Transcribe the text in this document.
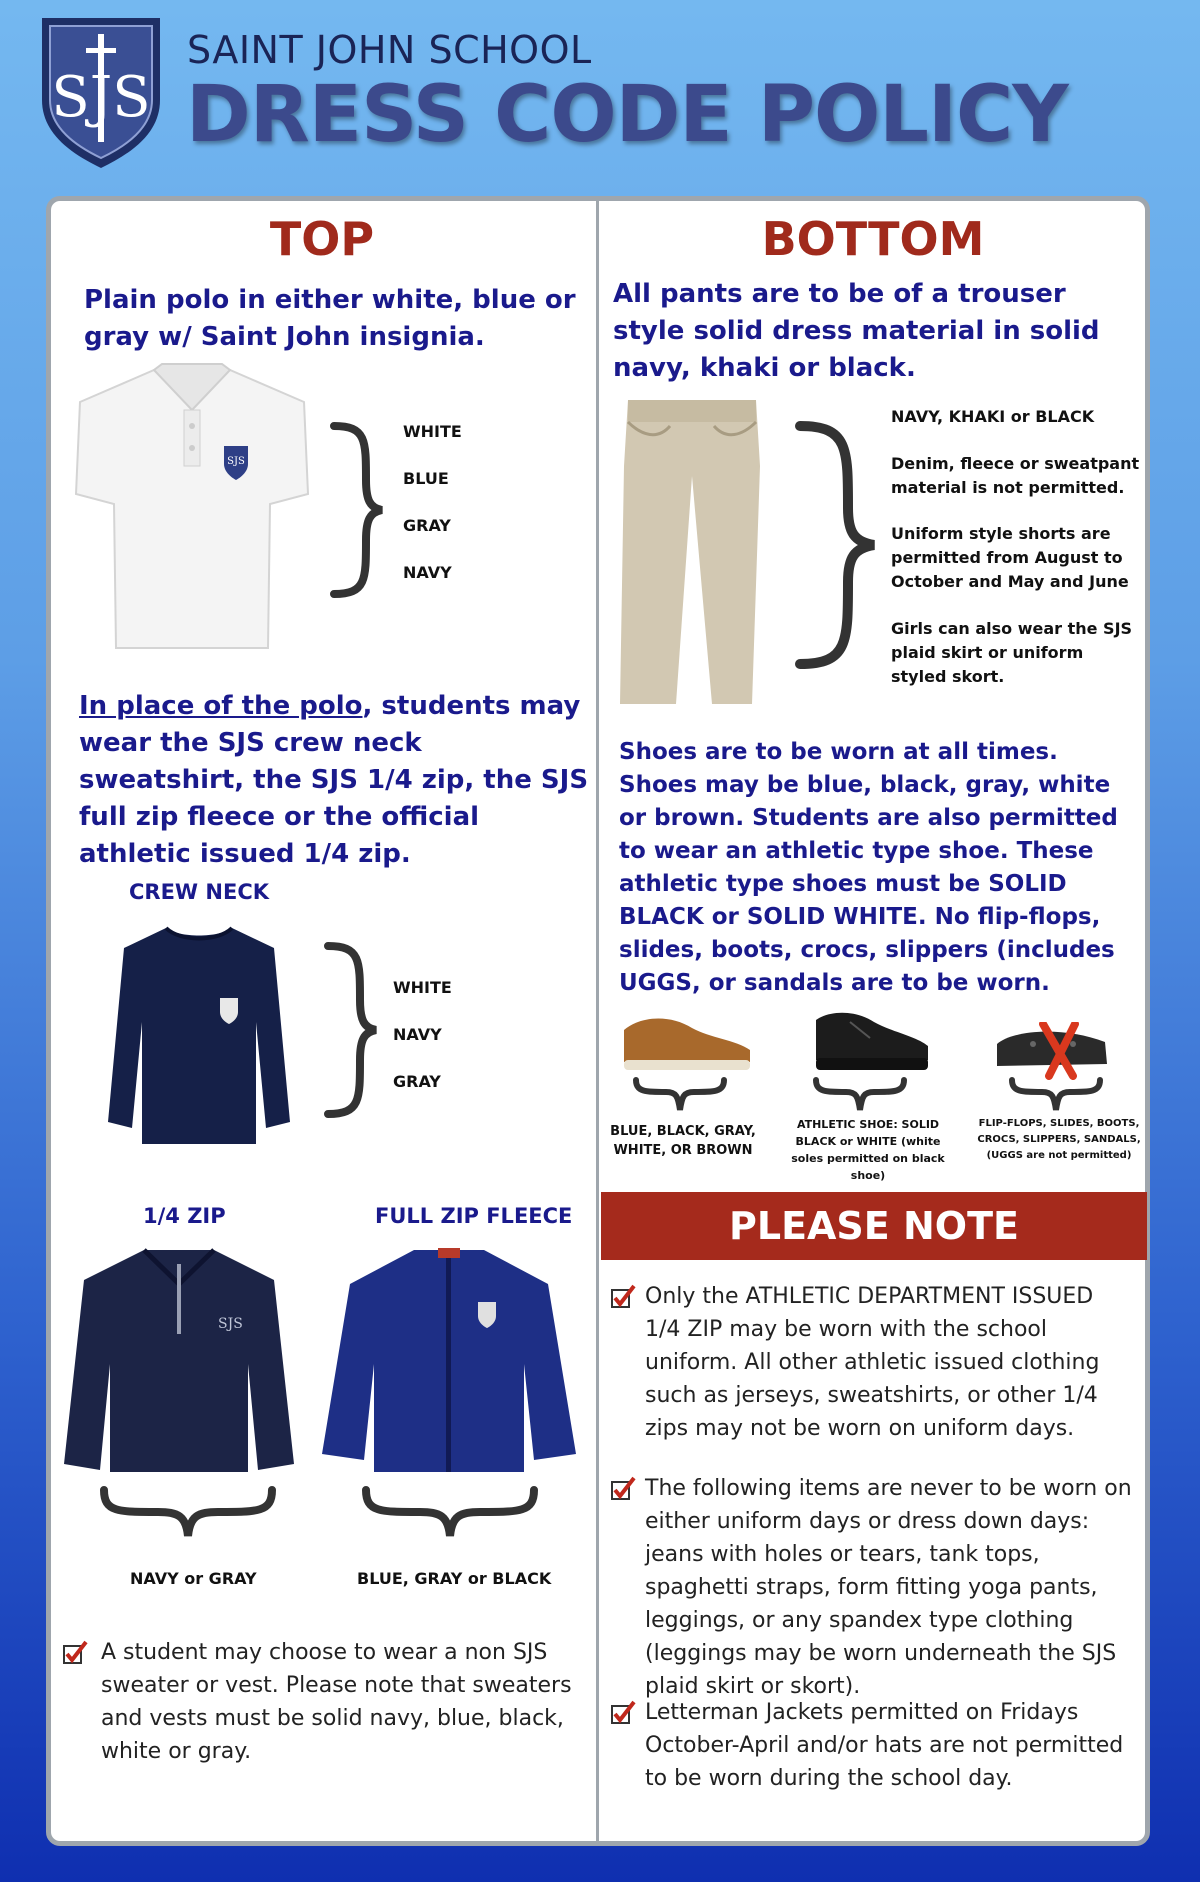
SJS
SAINT JOHN SCHOOL
DRESS CODE POLICY
TOP
Plain polo in either white, blue or gray w/ Saint John insignia.
SJS
WHITE
BLUE
GRAY
NAVY
In place of the polo, students may wear the SJS crew neck sweatshirt, the SJS 1/4 zip, the SJS full zip fleece or the official athletic issued 1/4 zip.
CREW NECK
WHITE
NAVY
GRAY
1/4 ZIP	FULL ZIP FLEECE
SJS
NAVY or GRAY	BLUE, GRAY or BLACK
A student may choose to wear a non SJS sweater or vest. Please note that sweaters and vests must be solid navy, blue, black, white or gray.
BOTTOM
All pants are to be of a trouser style solid dress material in solid navy, khaki or black.
NAVY, KHAKI or BLACK
Denim, fleece or sweatpant material is not permitted.
Uniform style shorts are permitted from August to October and May and June
Girls can also wear the SJS plaid skirt or uniform styled skort.
Shoes are to be worn at all times. Shoes may be blue, black, gray, white or brown. Students are also permitted to wear an athletic type shoe. These athletic type shoes must be SOLID BLACK or SOLID WHITE. No flip-flops, slides, boots, crocs, slippers (includes UGGS, or sandals are to be worn.
BLUE, BLACK, GRAY, WHITE, OR BROWN
ATHLETIC SHOE: SOLID BLACK or WHITE (white soles permitted on black shoe)
FLIP-FLOPS, SLIDES, BOOTS, CROCS, SLIPPERS, SANDALS, (UGGS are not permitted)
PLEASE NOTE
Only the ATHLETIC DEPARTMENT ISSUED 1/4 ZIP may be worn with the school uniform. All other athletic issued clothing such as jerseys, sweatshirts, or other 1/4 zips may not be worn on uniform days.
The following items are never to be worn on either uniform days or dress down days: jeans with holes or tears, tank tops, spaghetti straps, form fitting yoga pants, leggings, or any spandex type clothing (leggings may be worn underneath the SJS plaid skirt or skort).
Letterman Jackets permitted on Fridays October-April and/or hats are not permitted to be worn during the school day.
